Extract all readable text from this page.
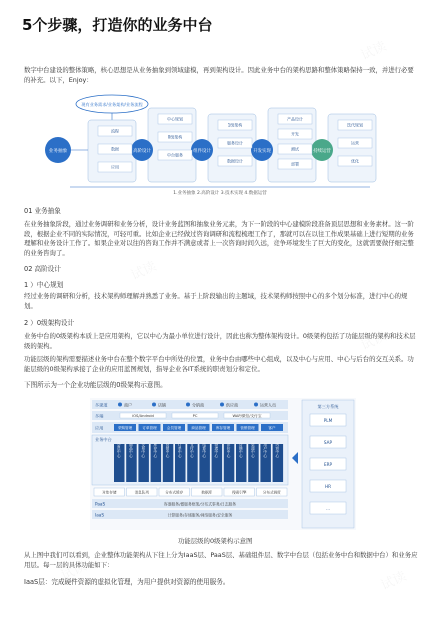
5个步骤，打造你的业务中台
数字中台建设的整体策略，核心思想是从业务抽象到领域建模，再到架构设计。因此业务中台的架构思路和整体策略保持一致，并进行必要的补充。以下，Enjoy：
现有业务需求/业务架构/业务流程
业务抽象	高阶设计	组件设计	开发实现	持续运营
流程
数据
应用
中心规划
0级架构
中台服务
1级架构
服务设计
数据设计
产品设计
开发
测试
部署
迭代规划
运营
优化
1.业务抽象 2.高阶设计 3.技术实现 4.数据运营
01 业务抽象
在业务抽象阶段，通过业务调研和业务分析，设计业务蓝图和抽象业务元素，为下一阶段的中心建模阶段准备顶层思想和业务素材。这一阶段，根据企业不同的实际情况，可轻可重。比如企业已经做过咨询调研和流程梳理工作了，那就可以在以往工作成果基础上进行短期的业务理解和业务设计工作了。如果企业对以往的咨询工作并不满意或者上一次咨询时间久远，竞争环境发生了巨大的变化，这就需要做仔细完整的业务咨询了。
02 高阶设计
1 ）中心规划
经过业务的调研和分析，技术架构师理解并熟悉了业务。基于上阶段输出的主题域，技术架构师按照中心的多个划分标准，进行中心的规划。
2 ）0级架构设计
业务中台的0级架构本质上是应用架构，它以中心为最小单位进行设计，因此也称为整体架构设计。0级架构包括了功能层级的架构和技术层级的架构。
功能层级的架构需要描述业务中台在整个数字平台中所处的位置，业务中台由哪些中心组成，以及中心与应用、中心与后台的交互关系。功能层级的0级架构承接了企业的应用蓝图规划，指导企业各IT系统的职责划分和定位。
下图所示为一个企业功能层级的0级架构示意图。
多渠道	商户	店铺	分销商	供应商	运营人员
多端	iOS/Android	PC	WAP/微信/支付宝
应用	采购管理	订单管理	会员管理	商品管理	库存管理	营销管理	客户
业务中台
会员中心	商品中心	交易中心	库存中心	营销中心	订单中心	支付中心	结算中心	物流中心	评价中心	店铺中心	渠道中心	用户中心	内容中心
对象存储	消息队列	分布式缓存	数据库	搜索引擎	分布式调度
PaaS	容器服务/微服务框架/分布式事务/日志服务
IaaS	计算服务/存储服务/网络服务/安全服务
第三方系统
PLM
SAP
ERP
HR
...
功能层级的0级架构示意图
从上图中我们可以看到，企业整体功能架构从下往上分为IaaS层、PaaS层、基础组件层、数字中台层（包括业务中台和数据中台）和业务应用层。每一层的具体功能如下：
IaaS层：完成硬件资源的虚拟化管理，为用户提供对资源的使用服务。
